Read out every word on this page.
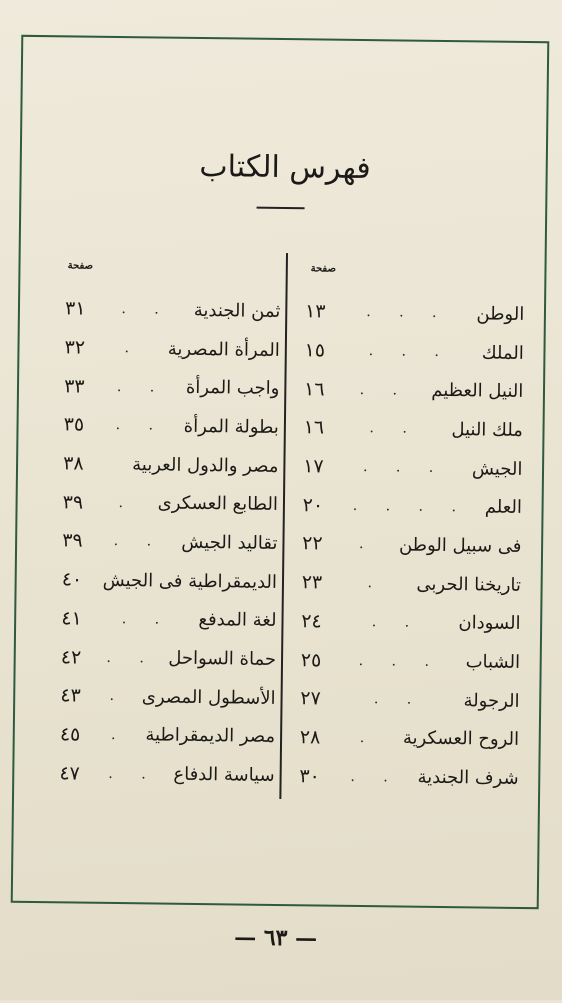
فهرس الكتاب
صفحة
صفحة
الوطن
. . .
١٣
الملك
. . .
١٥
النيل العظيم
. .
١٦
ملك النيل
. .
١٦
الجيش
. . .
١٧
العلم
. . . .
٢٠
فى سبيل الوطن
.
٢٢
تاريخنا الحربى
.
٢٣
السودان
. .
٢٤
الشباب
. . .
٢٥
الرجولة
. .
٢٧
الروح العسكرية
.
٢٨
شرف الجندية
. .
٣٠
ثمن الجندية
. .
٣١
المرأة المصرية
.
٣٢
واجب المرأة
. .
٣٣
بطولة المرأة
. .
٣٥
مصر والدول العربية
٣٨
الطابع العسكرى
.
٣٩
تقاليد الجيش
. .
٣٩
الديمقراطية فى الجيش
٤٠
لغة المدفع
. .
٤١
حماة السواحل
. .
٤٢
الأسطول المصرى
.
٤٣
مصر الديمقراطية
.
٤٥
سياسة الدفاع
. .
٤٧
— ٦٣ —
